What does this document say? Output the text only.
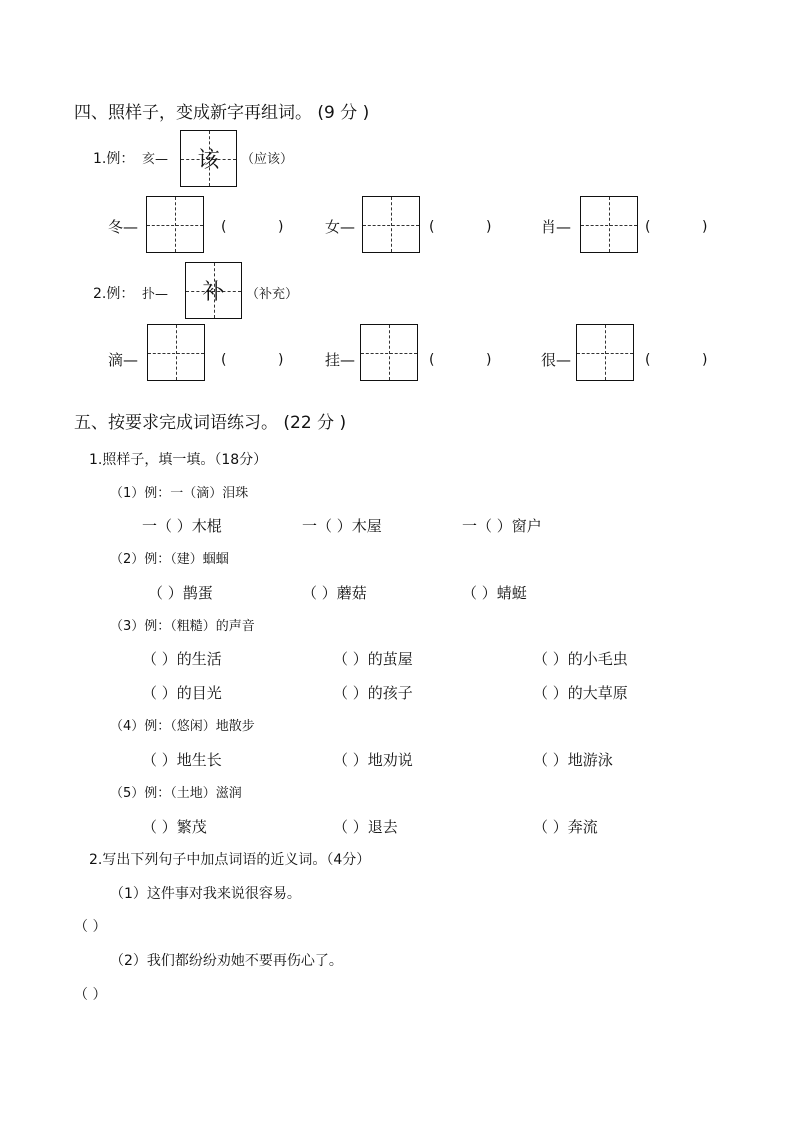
四、照样子，变成新字再组词。 (9 分 )
1.例： 亥—	该	（应该）
冬—	(	)	女—	(	)	肖—	(	)
2.例： 扑—	补	（补充）
滴—	(	)	挂—	(	)	很—	(	)
五、按要求完成词语练习。 (22 分 )
1.照样子，填一填。（18分）
（1）例：一（滴）泪珠
一（ ）木棍	一（ ）木屋	一（ ）窗户
（2）例：（建）蝈蝈
（ ）鹊蛋	（ ）蘑菇	（ ）蜻蜓
（3）例：（粗糙）的声音
（ ）的生活	（ ）的茧屋	（ ）的小毛虫
（ ）的目光	（ ）的孩子	（ ）的大草原
（4）例：（悠闲）地散步
（ ）地生长	（ ）地劝说	（ ）地游泳
（5）例：（土地）滋润
（ ）繁茂	（ ）退去	（ ）奔流
2.写出下列句子中加点词语的近义词。（4分）
（1）这件事对我来说很容易。
（ ）
（2）我们都纷纷劝她不要再伤心了。
（ ）
